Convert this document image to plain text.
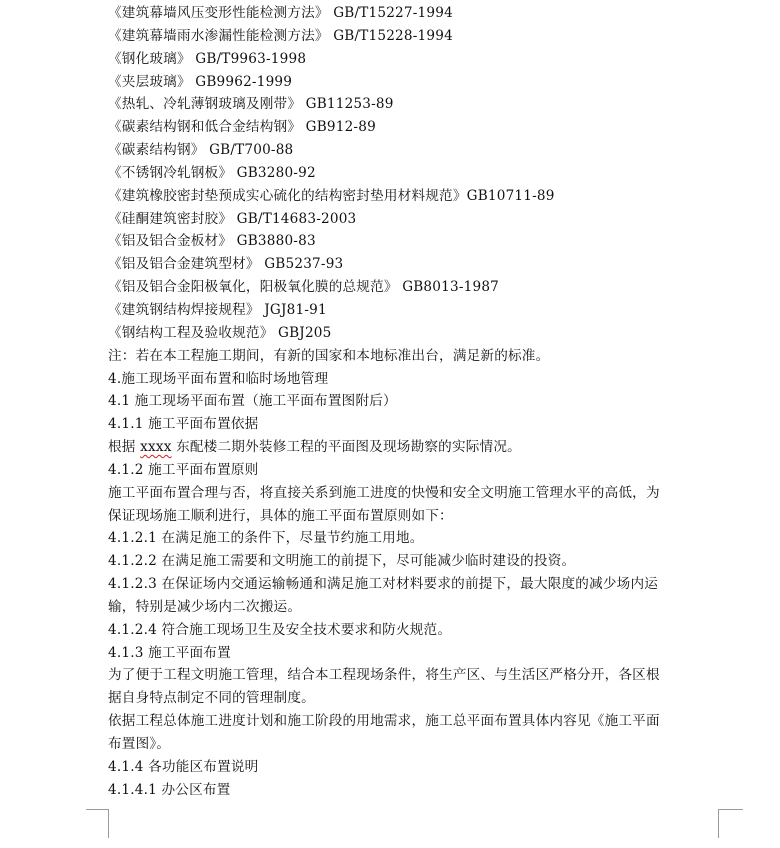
《建筑幕墙风压变形性能检测方法》 GB/T15227-1994
《建筑幕墙雨水渗漏性能检测方法》 GB/T15228-1994
《钢化玻璃》 GB/T9963-1998
《夹层玻璃》 GB9962-1999
《热轧、冷轧薄钢玻璃及刚带》 GB11253-89
《碳素结构钢和低合金结构钢》 GB912-89
《碳素结构钢》 GB/T700-88
《不锈钢冷轧钢板》 GB3280-92
《建筑橡胶密封垫预成实心硫化的结构密封垫用材料规范》GB10711-89
《硅酮建筑密封胶》 GB/T14683-2003
《铝及铝合金板材》 GB3880-83
《铝及铝合金建筑型材》 GB5237-93
《铝及铝合金阳极氧化，阳极氧化膜的总规范》 GB8013-1987
《建筑钢结构焊接规程》 JGJ81-91
《钢结构工程及验收规范》 GBJ205
注：若在本工程施工期间，有新的国家和本地标准出台，满足新的标准。
4.施工现场平面布置和临时场地管理
4.1 施工现场平面布置（施工平面布置图附后）
4.1.1 施工平面布置依据
根据 xxxx 东配楼二期外装修工程的平面图及现场勘察的实际情况。
4.1.2 施工平面布置原则
施工平面布置合理与否，将直接关系到施工进度的快慢和安全文明施工管理水平的高低，为
保证现场施工顺利进行，具体的施工平面布置原则如下：
4.1.2.1 在满足施工的条件下，尽量节约施工用地。
4.1.2.2 在满足施工需要和文明施工的前提下，尽可能减少临时建设的投资。
4.1.2.3 在保证场内交通运输畅通和满足施工对材料要求的前提下，最大限度的减少场内运
输，特别是减少场内二次搬运。
4.1.2.4 符合施工现场卫生及安全技术要求和防火规范。
4.1.3 施工平面布置
为了便于工程文明施工管理，结合本工程现场条件，将生产区、与生活区严格分开，各区根
据自身特点制定不同的管理制度。
依据工程总体施工进度计划和施工阶段的用地需求，施工总平面布置具体内容见《施工平面
布置图》。
4.1.4 各功能区布置说明
4.1.4.1 办公区布置
